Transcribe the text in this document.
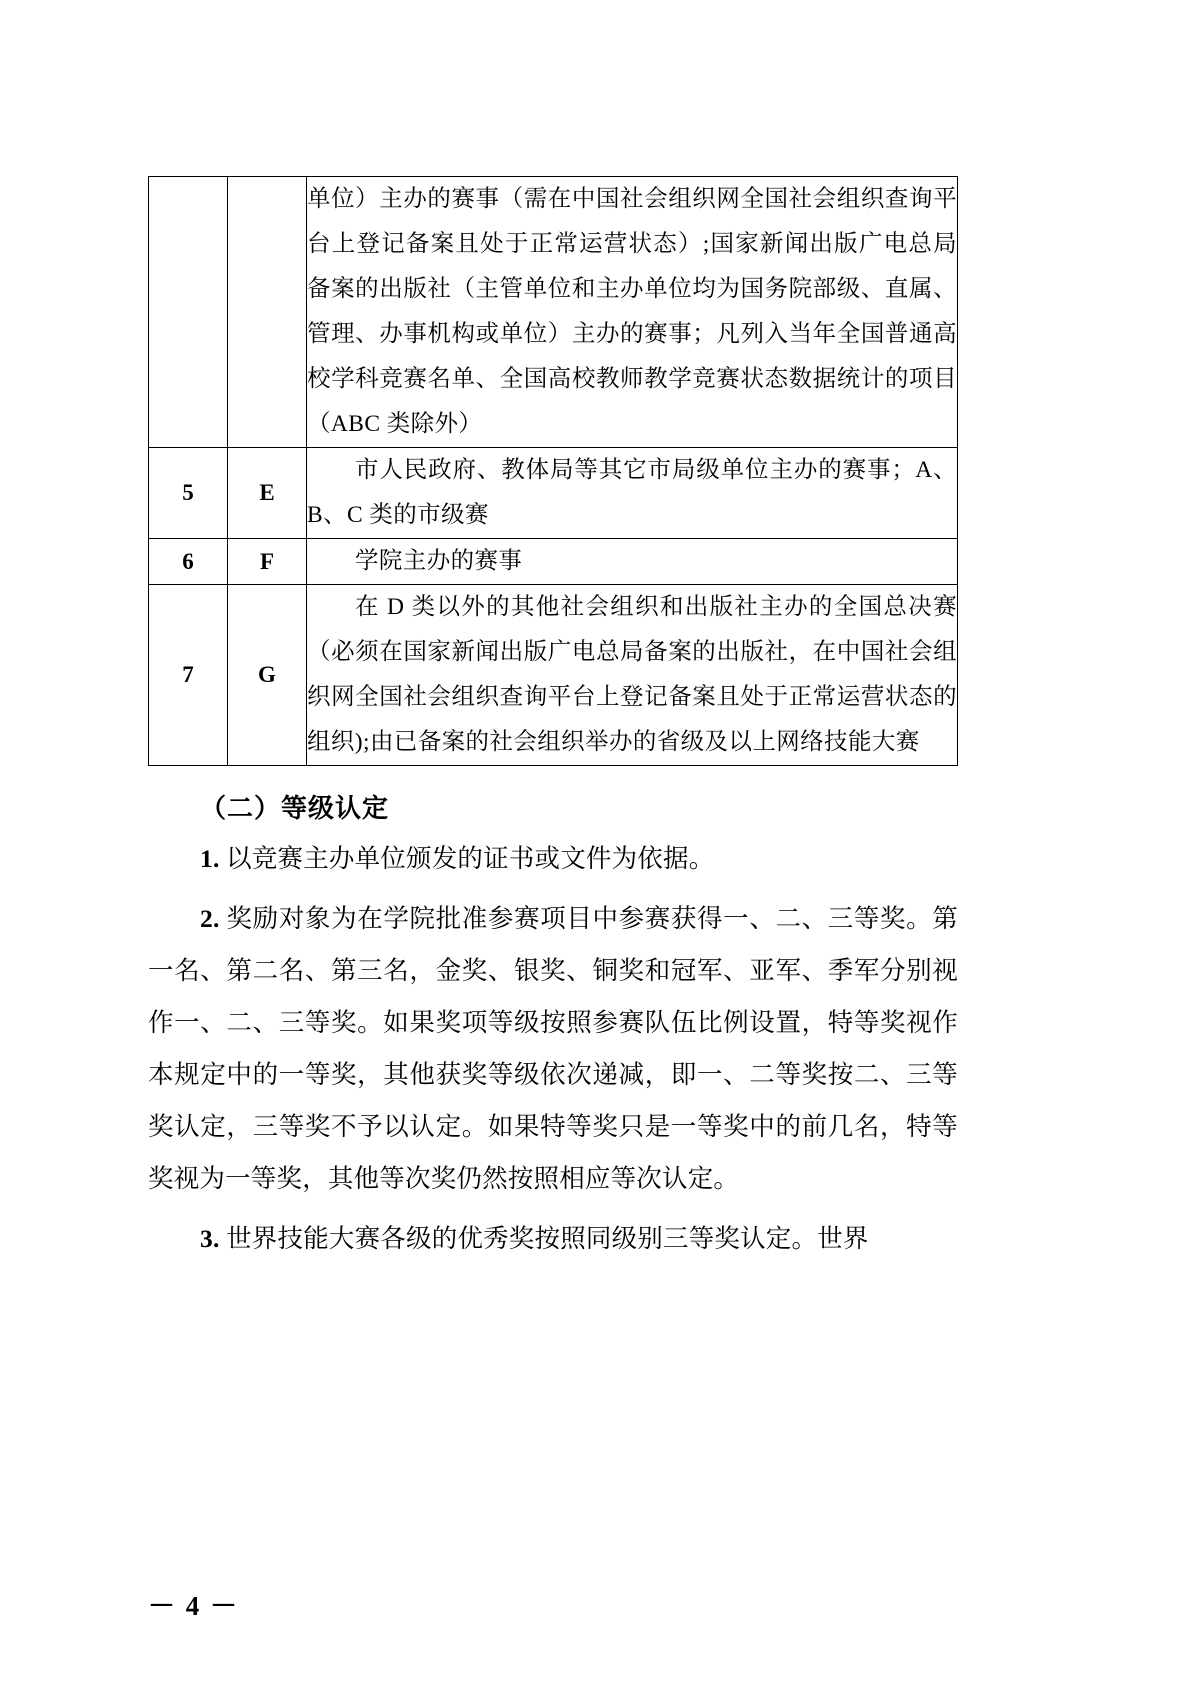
		单位）主办的赛事（需在中国社会组织网全国社会组织查询平台上登记备案且处于正常运营状态）;国家新闻出版广电总局备案的出版社（主管单位和主办单位均为国务院部级、直属、管理、办事机构或单位）主办的赛事；凡列入当年全国普通高校学科竞赛名单、全国高校教师教学竞赛状态数据统计的项目（ABC 类除外）

5	E	市人民政府、教体局等其它市局级单位主办的赛事；A、B、C 类的市级赛

6	F	学院主办的赛事

7	G	在 D 类以外的其他社会组织和出版社主办的全国总决赛（必须在国家新闻出版广电总局备案的出版社，在中国社会组织网全国社会组织查询平台上登记备案且处于正常运营状态的组织);由已备案的社会组织举办的省级及以上网络技能大赛
（二）等级认定

1. 以竞赛主办单位颁发的证书或文件为依据。

2. 奖励对象为在学院批准参赛项目中参赛获得一、二、三等奖。第一名、第二名、第三名，金奖、银奖、铜奖和冠军、亚军、季军分别视作一、二、三等奖。如果奖项等级按照参赛队伍比例设置，特等奖视作本规定中的一等奖，其他获奖等级依次递减，即一、二等奖按二、三等奖认定，三等奖不予以认定。如果特等奖只是一等奖中的前几名，特等奖视为一等奖，其他等次奖仍然按照相应等次认定。

3. 世界技能大赛各级的优秀奖按照同级别三等奖认定。世界

－ 4 －
